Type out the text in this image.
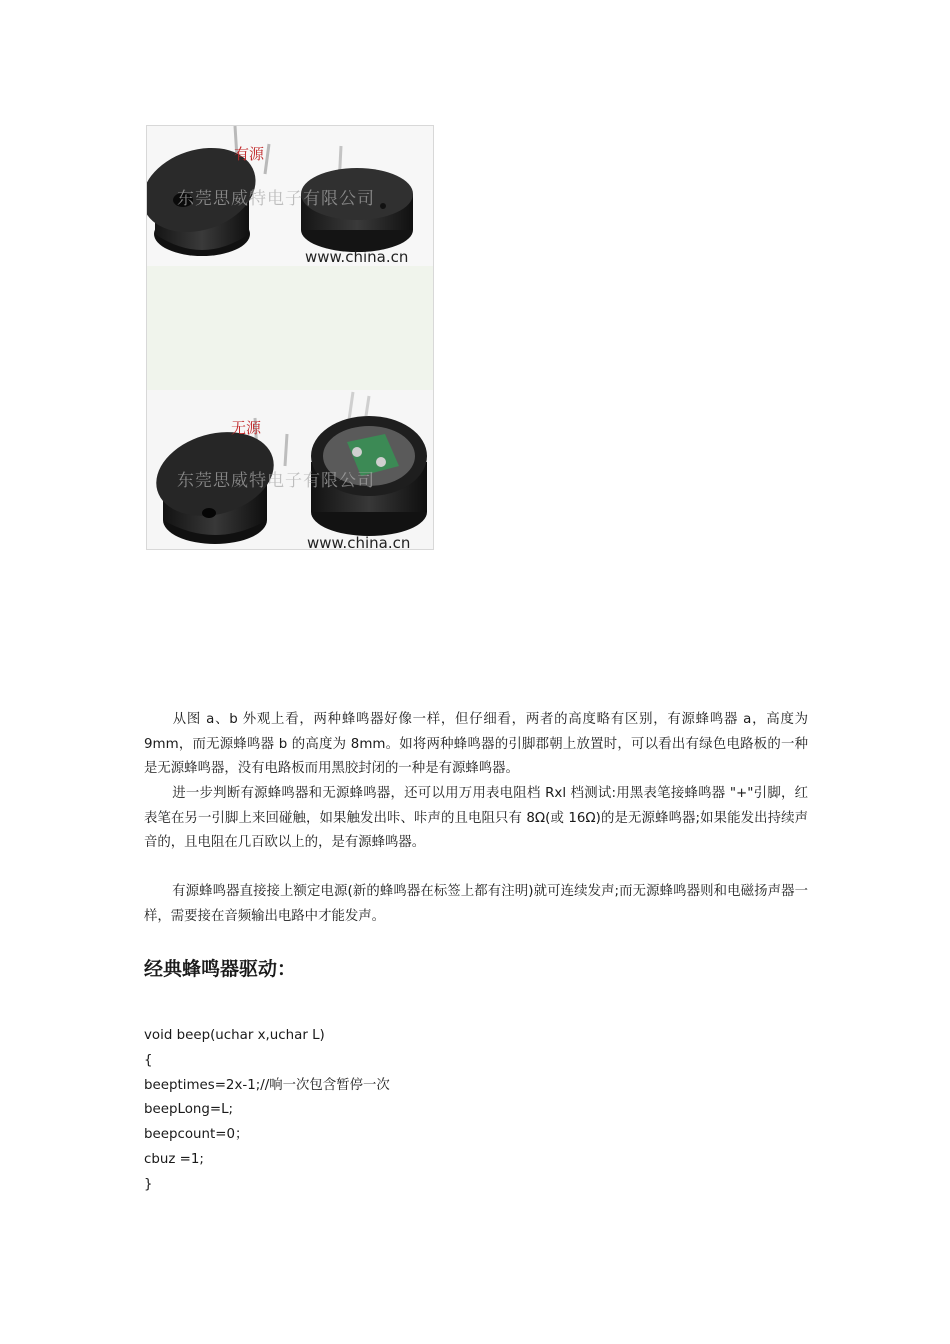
有源
东莞思威特电子有限公司
www.china.cn
无源
东莞思威特电子有限公司
www.china.cn

从图 a、b 外观上看，两种蜂鸣器好像一样，但仔细看，两者的高度略有区别，有源蜂鸣器 a，高度为 9mm，而无源蜂鸣器 b 的高度为 8mm。如将两种蜂鸣器的引脚郡朝上放置时，可以看出有绿色电路板的一种是无源蜂鸣器，没有电路板而用黑胶封闭的一种是有源蜂鸣器。

进一步判断有源蜂鸣器和无源蜂鸣器，还可以用万用表电阻档 Rxl 档测试:用黑表笔接蜂鸣器 "+"引脚，红表笔在另一引脚上来回碰触，如果触发出咔、咔声的且电阻只有 8Ω(或 16Ω)的是无源蜂鸣器;如果能发出持续声音的，且电阻在几百欧以上的，是有源蜂鸣器。

有源蜂鸣器直接接上额定电源(新的蜂鸣器在标签上都有注明)就可连续发声;而无源蜂鸣器则和电磁扬声器一样，需要接在音频输出电路中才能发声。

经典蜂鸣器驱动：
void beep(uchar x,uchar L)
{
beeptimes=2x-1;//响一次包含暂停一次
beepLong=L;
beepcount=0；
cbuz =1;
}
